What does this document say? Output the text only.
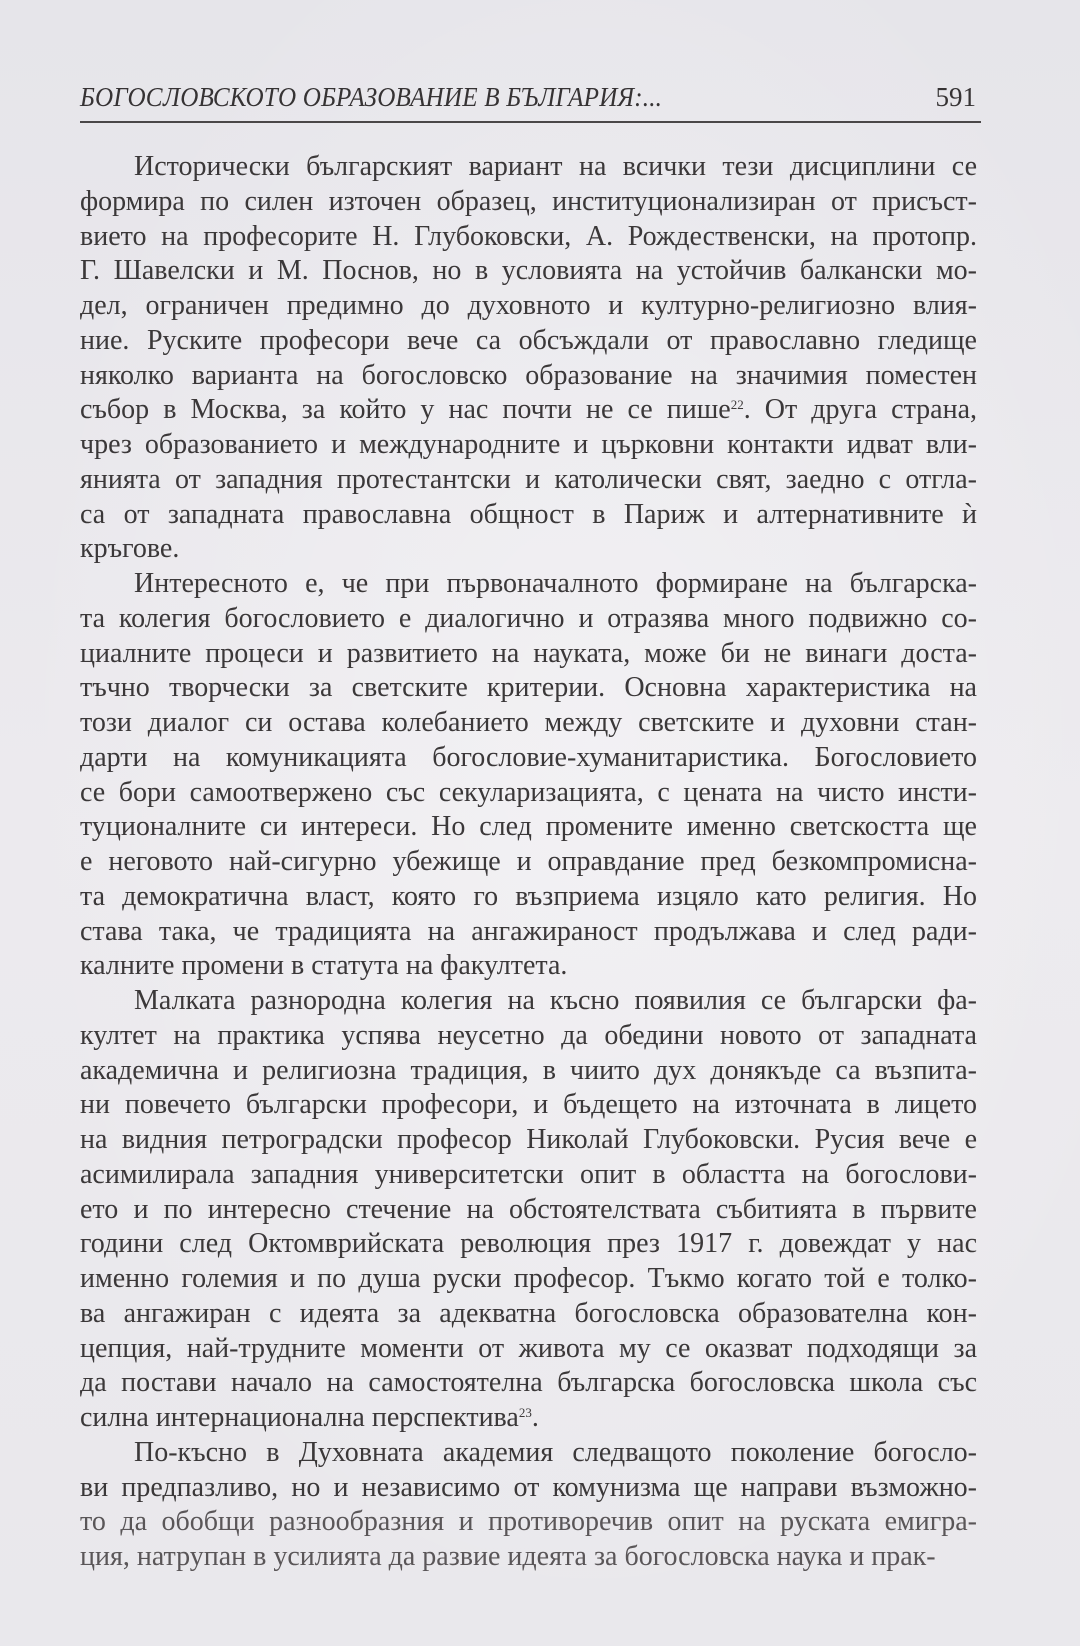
БОГОСЛОВСКОТО ОБРАЗОВАНИЕ В БЪЛГАРИЯ:...	591
Исторически българският вариант на всички тези дисциплини се
формира по силен източен образец, институционализиран от присъст-
вието на професорите Н. Глубоковски, А. Рождественски, на протопр.
Г. Шавелски и М. Поснов, но в условията на устойчив балкански мо-
дел, ограничен предимно до духовното и културно-религиозно влия-
ние. Руските професори вече са обсъждали от православно гледище
няколко варианта на богословско образование на значимия поместен
събор в Москва, за който у нас почти не се пише$^{22}$. От друга страна,
чрез образованието и международните и църковни контакти идват вли-
янията от западния протестантски и католически свят, заедно с отгла-
са от западната православна общност в Париж и алтернативните ѝ
кръгове.
Интересното е, че при първоначалното формиране на българска-
та колегия богословието е диалогично и отразява много подвижно со-
циалните процеси и развитието на науката, може би не винаги доста-
тъчно творчески за светските критерии. Основна характеристика на
този диалог си остава колебанието между светските и духовни стан-
дарти на комуникацията богословие-хуманитаристика. Богословието
се бори самоотвержено със секуларизацията, с цената на чисто инсти-
туционалните си интереси. Но след промените именно светскостта ще
е неговото най-сигурно убежище и оправдание пред безкомпромисна-
та демократична власт, която го възприема изцяло като религия. Но
става така, че традицията на ангажираност продължава и след ради-
калните промени в статута на факултета.
Малката разнородна колегия на късно появилия се български фа-
култет на практика успява неусетно да обедини новото от западната
академична и религиозна традиция, в чиито дух донякъде са възпита-
ни повечето български професори, и бъдещето на източната в лицето
на видния петроградски професор Николай Глубоковски. Русия вече е
асимилирала западния университетски опит в областта на богослови-
ето и по интересно стечение на обстоятелствата събитията в първите
години след Октомврийската революция през 1917 г. довеждат у нас
именно големия и по душа руски професор. Тъкмо когато той е толко-
ва ангажиран с идеята за адекватна богословска образователна кон-
цепция, най-трудните моменти от живота му се оказват подходящи за
да постави начало на самостоятелна българска богословска школа със
силна интернационална перспектива$^{23}$.
По-късно в Духовната академия следващото поколение богосло-
ви предпазливо, но и независимо от комунизма ще направи възможно-
то да обобщи разнообразния и противоречив опит на руската емигра-
ция, натрупан в усилията да развие идеята за богословска наука и прак-
